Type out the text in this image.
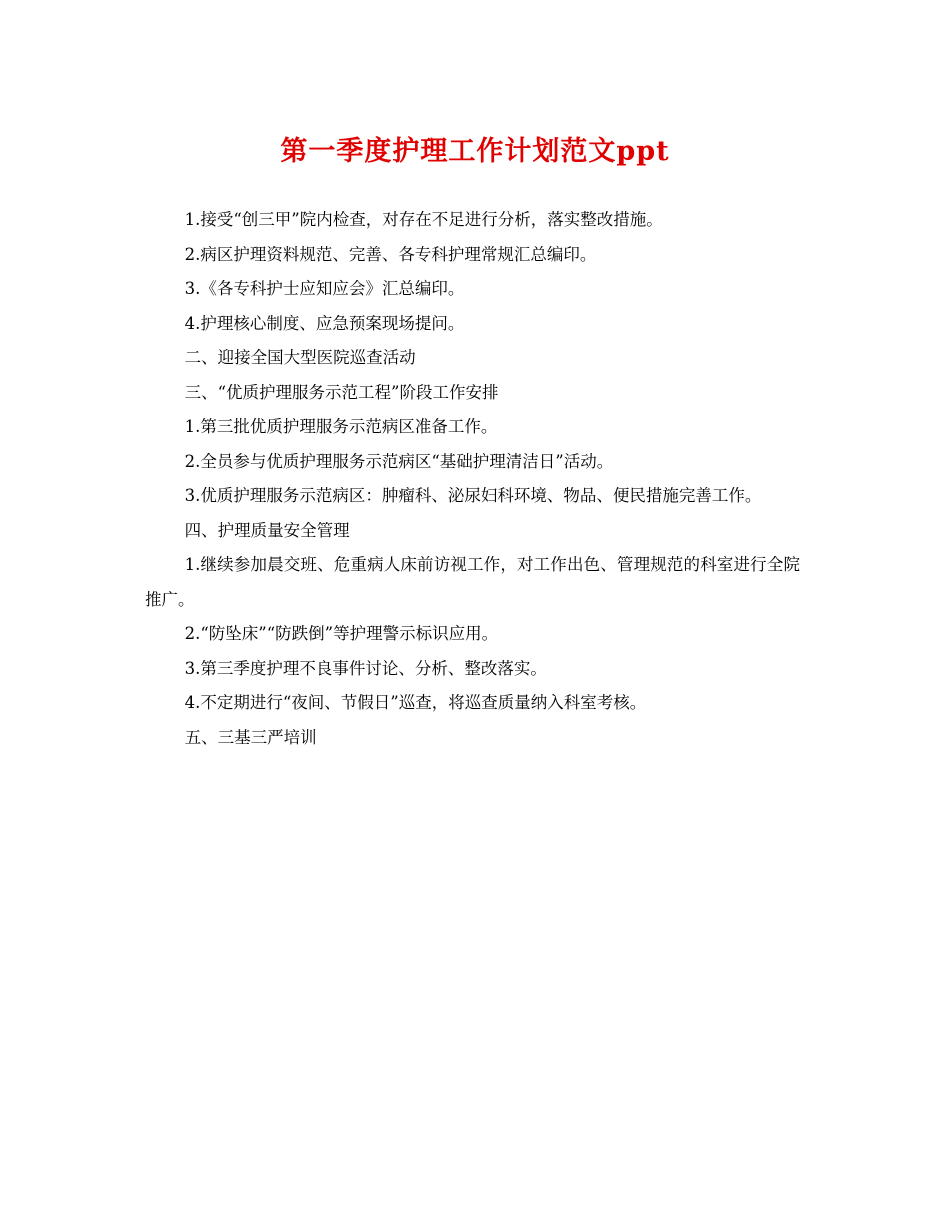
第一季度护理工作计划范文ppt

1.接受“创三甲”院内检查，对存在不足进行分析，落实整改措施。

2.病区护理资料规范、完善、各专科护理常规汇总编印。

3.《各专科护士应知应会》汇总编印。

4.护理核心制度、应急预案现场提问。

二、迎接全国大型医院巡查活动

三、“优质护理服务示范工程”阶段工作安排

1.第三批优质护理服务示范病区准备工作。

2.全员参与优质护理服务示范病区“基础护理清洁日”活动。

3.优质护理服务示范病区：肿瘤科、泌尿妇科环境、物品、便民措施完善工作。

四、护理质量安全管理

1.继续参加晨交班、危重病人床前访视工作，对工作出色、管理规范的科室进行全院推广。

2.“防坠床”“防跌倒”等护理警示标识应用。

3.第三季度护理不良事件讨论、分析、整改落实。

4.不定期进行“夜间、节假日”巡查，将巡查质量纳入科室考核。

五、三基三严培训
